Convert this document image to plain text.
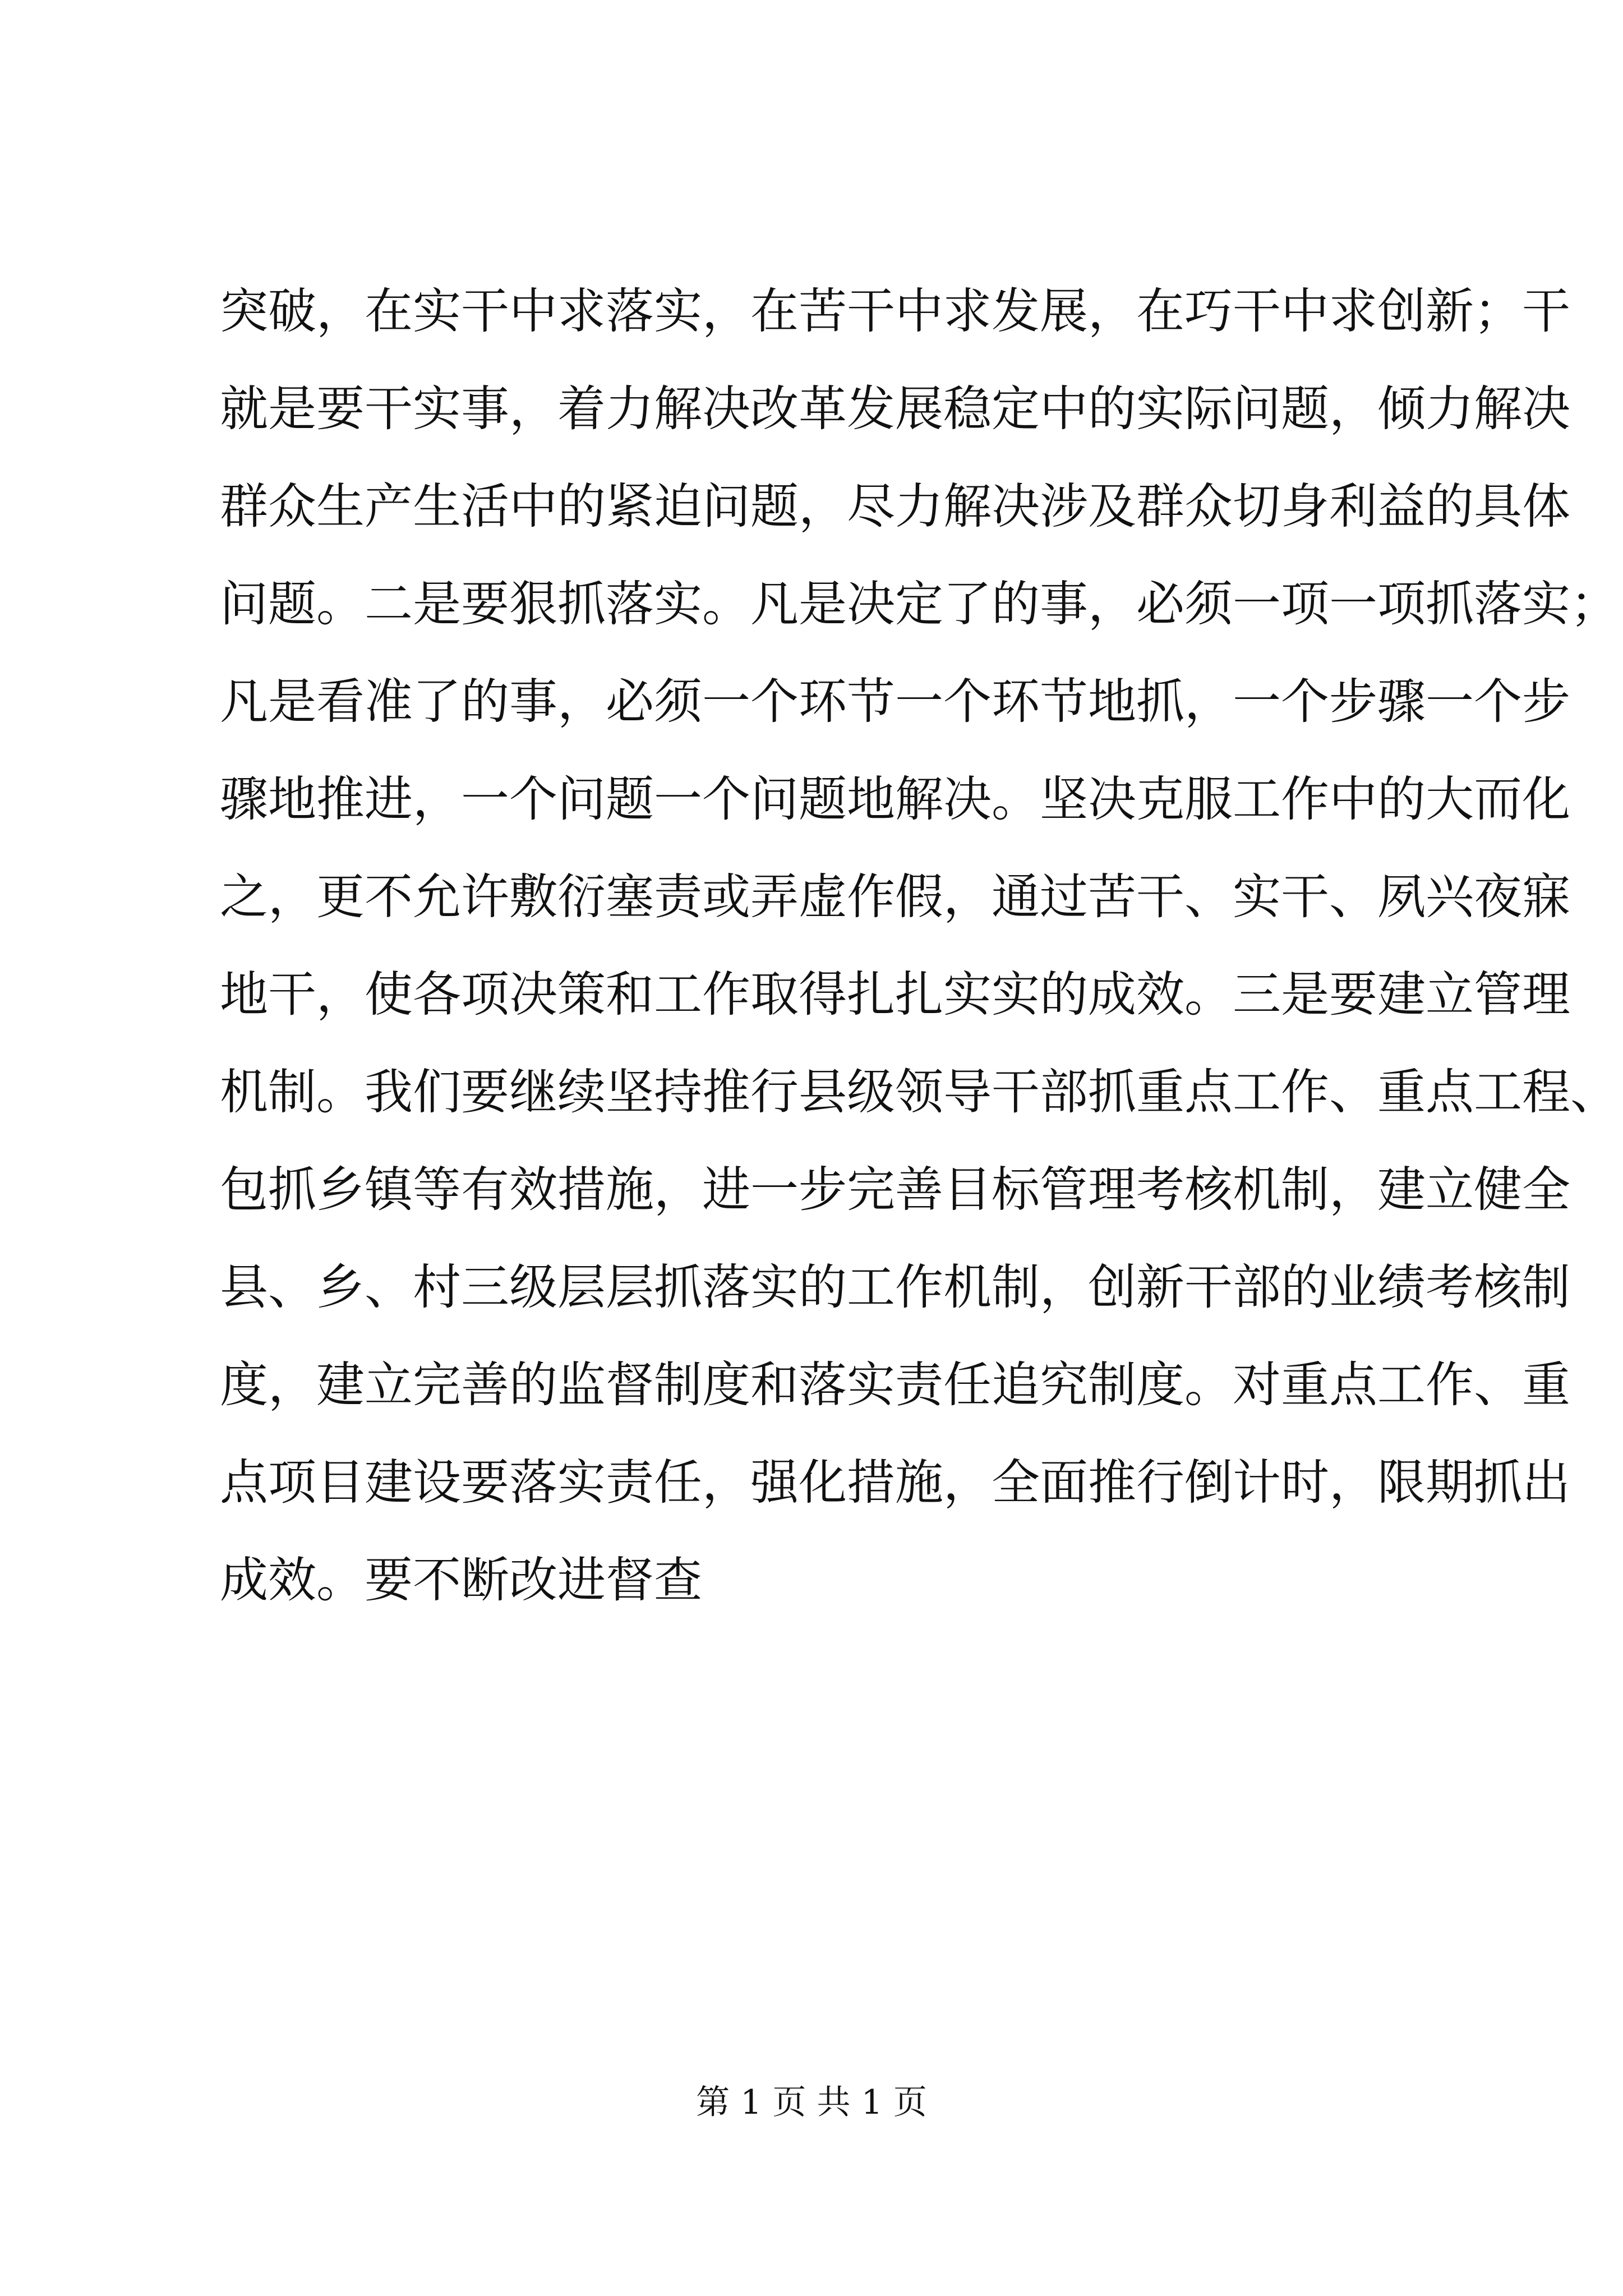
突破，在实干中求落实，在苦干中求发展，在巧干中求创新；干
就是要干实事，着力解决改革发展稳定中的实际问题，倾力解决
群众生产生活中的紧迫问题，尽力解决涉及群众切身利益的具体
问题。二是要狠抓落实。凡是决定了的事，必须一项一项抓落实；
凡是看准了的事，必须一个环节一个环节地抓，一个步骤一个步
骤地推进，一个问题一个问题地解决。坚决克服工作中的大而化
之，更不允许敷衍塞责或弄虚作假，通过苦干、实干、夙兴夜寐
地干，使各项决策和工作取得扎扎实实的成效。三是要建立管理
机制。我们要继续坚持推行县级领导干部抓重点工作、重点工程、
包抓乡镇等有效措施，进一步完善目标管理考核机制，建立健全
县、乡、村三级层层抓落实的工作机制，创新干部的业绩考核制
度，建立完善的监督制度和落实责任追究制度。对重点工作、重
点项目建设要落实责任，强化措施，全面推行倒计时，限期抓出
成效。要不断改进督查
第 1 页 共 1 页
